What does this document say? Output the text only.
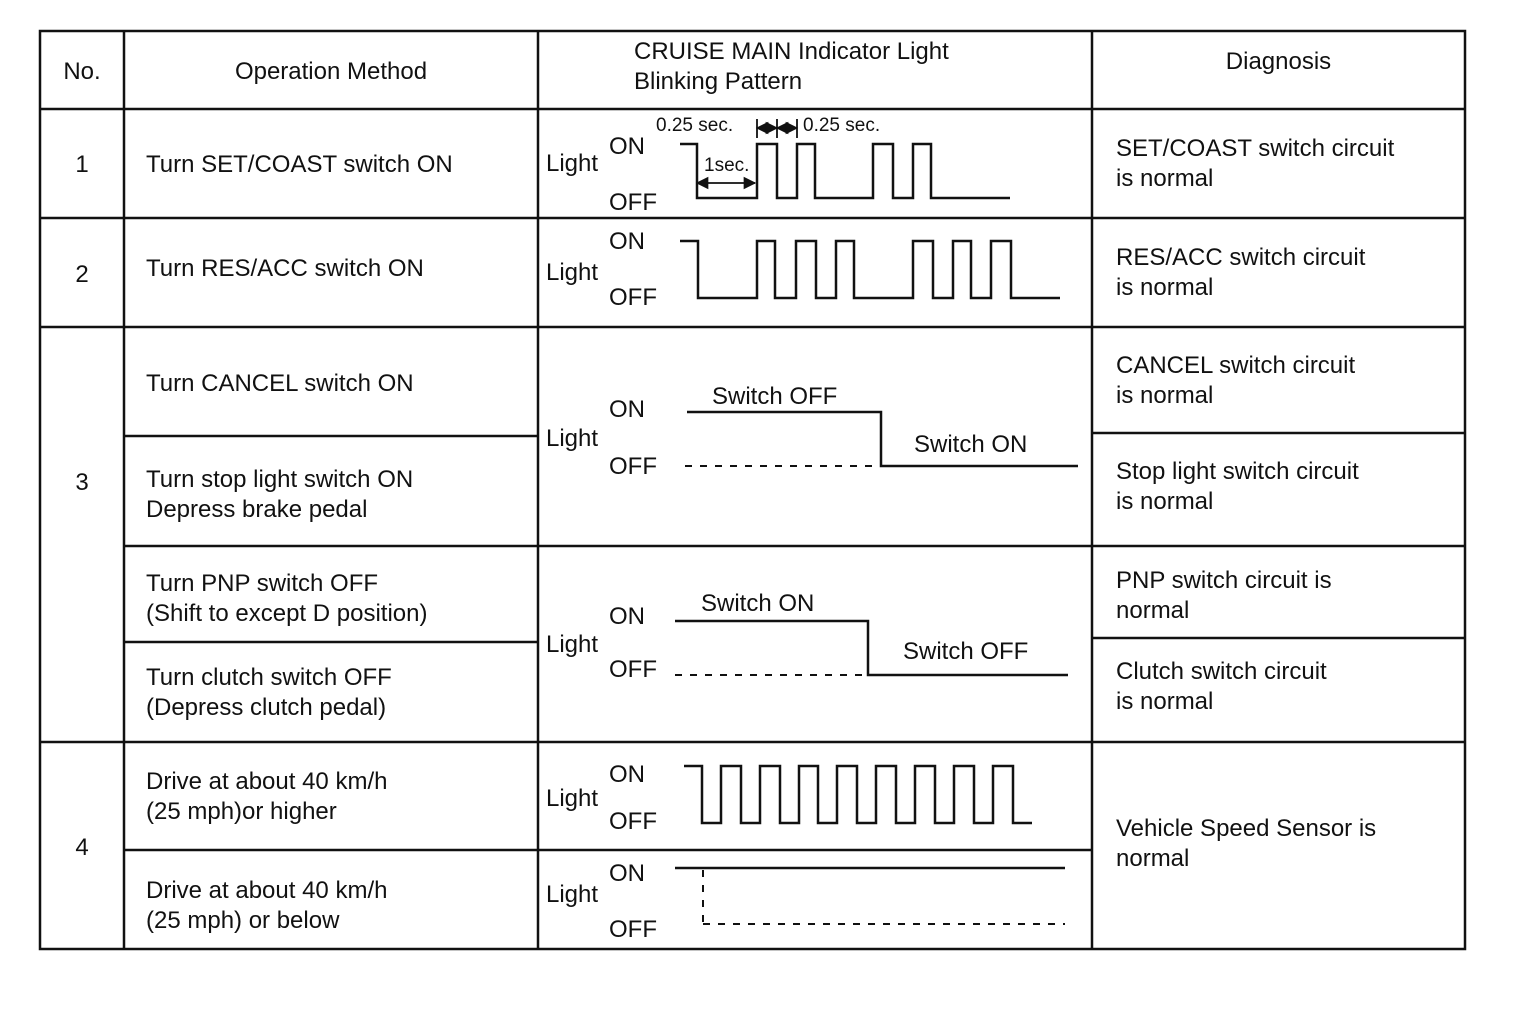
No.	Operation Method
CRUISE MAIN Indicator Light
Blinking Pattern
Diagnosis
1
2
3
4
Turn SET/COAST switch ON
Turn RES/ACC switch ON
Turn CANCEL switch ON
Turn stop light switch ON
Depress brake pedal
Turn PNP switch OFF
(Shift to except D position)
Turn clutch switch OFF
(Depress clutch pedal)
Drive at about 40 km/h
(25 mph)or higher
Drive at about 40 km/h
(25 mph) or below
SET/COAST switch circuit
is normal
RES/ACC switch circuit
is normal
CANCEL switch circuit
is normal
Stop light switch circuit
is normal
PNP switch circuit is
normal
Clutch switch circuit
is normal
Vehicle Speed Sensor is
normal
Light
ON
OFF
0.25 sec.	0.25 sec.
1sec.
Light
ON
OFF
Light
ON
OFF
Switch OFF
Switch ON
Light
ON
OFF
Switch ON
Switch OFF
Light
ON
OFF
Light
ON
OFF
